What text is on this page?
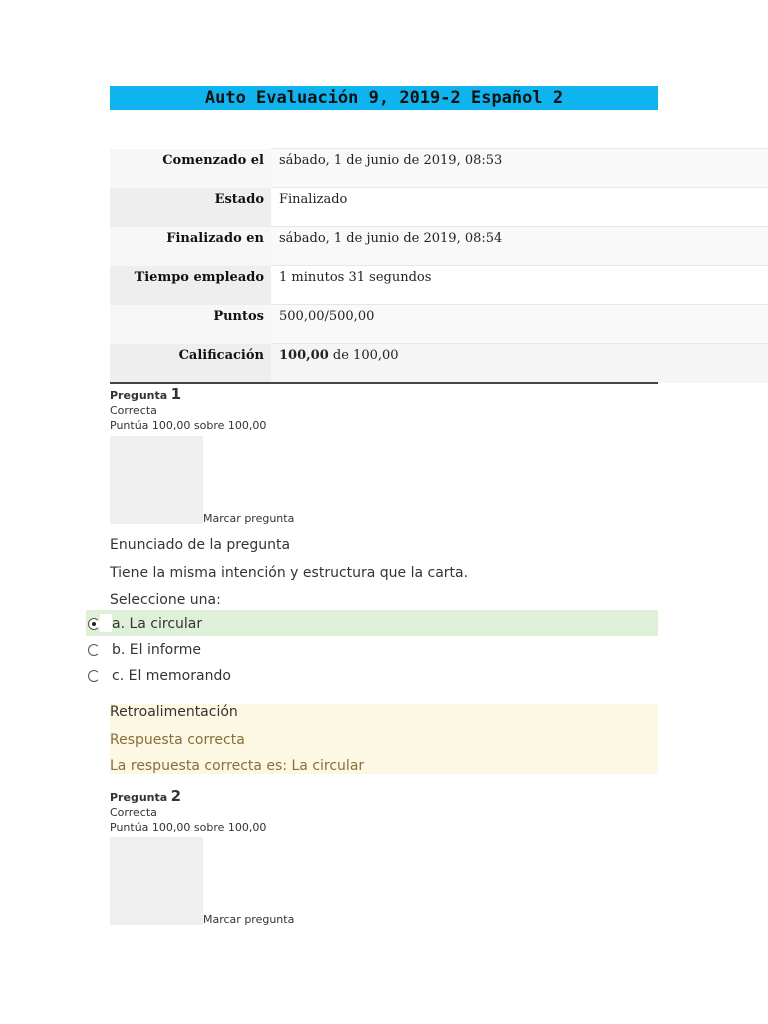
Auto Evaluación 9, 2019-2 Español 2
Comenzado el	sábado, 1 de junio de 2019, 08:53
Estado	Finalizado
Finalizado en	sábado, 1 de junio de 2019, 08:54
Tiempo empleado	1 minutos 31 segundos
Puntos	500,00/500,00
Calificación	100,00 de 100,00
Pregunta 1
Correcta
Puntúa 100,00 sobre 100,00
Marcar pregunta
Enunciado de la pregunta
Tiene la misma intención y estructura que la carta.
Seleccione una:
a. La circular
b. El informe
c. El memorando
Retroalimentación
Respuesta correcta
La respuesta correcta es: La circular
Pregunta 2
Correcta
Puntúa 100,00 sobre 100,00
Marcar pregunta
